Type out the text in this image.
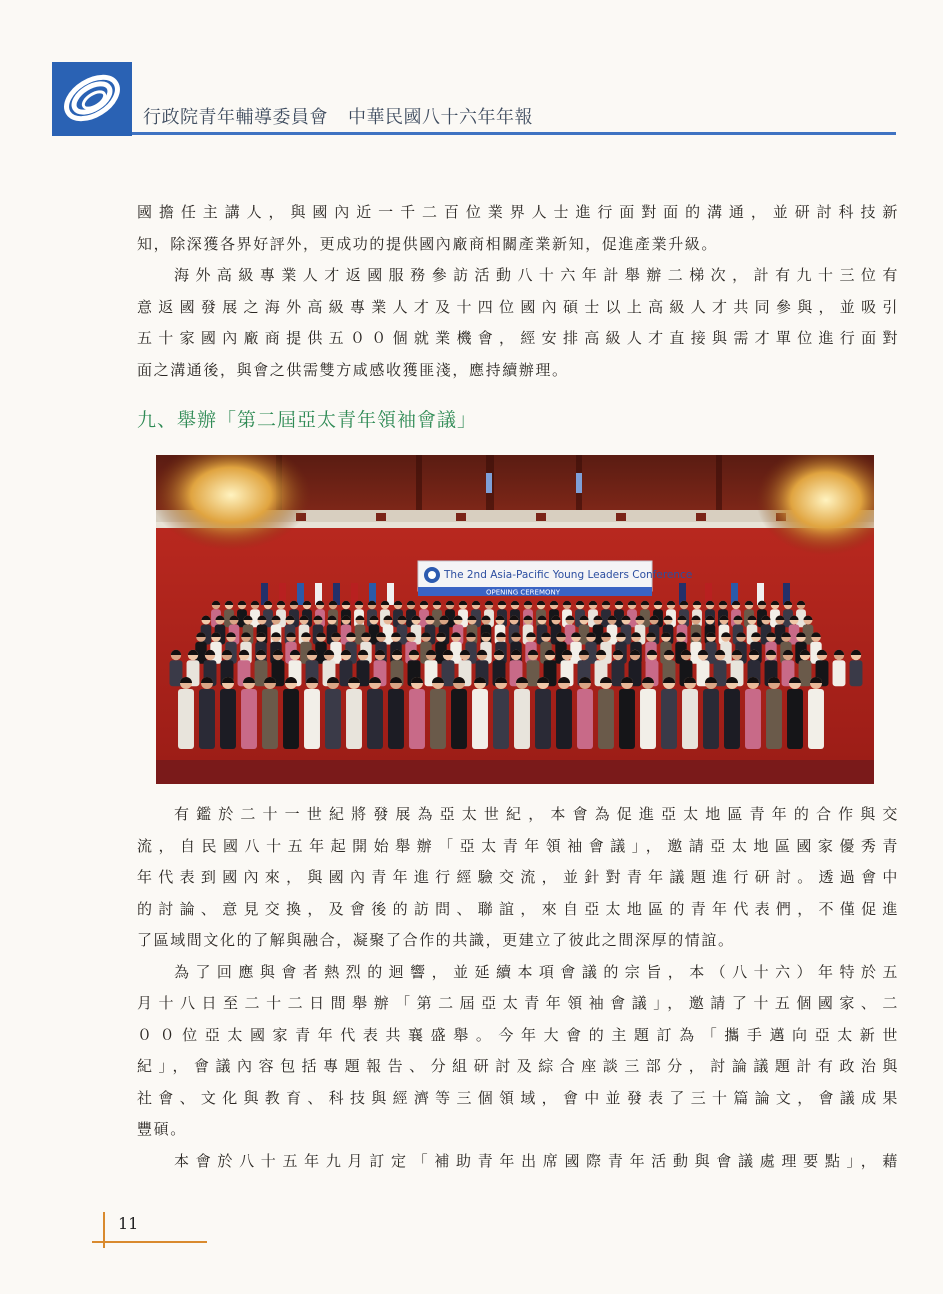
行政院青年輔導委員會 中華民國八十六年年報

國擔任主講人，與國內近一千二百位業界人士進行面對面的溝通，並研討科技新

知，除深獲各界好評外，更成功的提供國內廠商相關產業新知，促進產業升級。

海外高級專業人才返國服務參訪活動八十六年計舉辦二梯次，計有九十三位有

意返國發展之海外高級專業人才及十四位國內碩士以上高級人才共同參與，並吸引

五十家國內廠商提供五００個就業機會，經安排高級人才直接與需才單位進行面對

面之溝通後，與會之供需雙方咸感收獲匪淺，應持續辦理。

九、舉辦「第二屆亞太青年領袖會議」
The 2nd Asia-Pacific Young Leaders Conference
OPENING CEREMONY

有鑑於二十一世紀將發展為亞太世紀，本會為促進亞太地區青年的合作與交

流，自民國八十五年起開始舉辦「亞太青年領袖會議」，邀請亞太地區國家優秀青

年代表到國內來，與國內青年進行經驗交流，並針對青年議題進行研討。透過會中

的討論、意見交換，及會後的訪問、聯誼，來自亞太地區的青年代表們，不僅促進

了區域間文化的了解與融合，凝聚了合作的共識，更建立了彼此之間深厚的情誼。

為了回應與會者熱烈的迴響，並延續本項會議的宗旨，本（八十六）年特於五

月十八日至二十二日間舉辦「第二屆亞太青年領袖會議」，邀請了十五個國家、二

００位亞太國家青年代表共襄盛舉。今年大會的主題訂為「攜手邁向亞太新世

紀」，會議內容包括專題報告、分組研討及綜合座談三部分，討論議題計有政治與

社會、文化與教育、科技與經濟等三個領域，會中並發表了三十篇論文，會議成果

豐碩。

本會於八十五年九月訂定「補助青年出席國際青年活動與會議處理要點」，藉

11
